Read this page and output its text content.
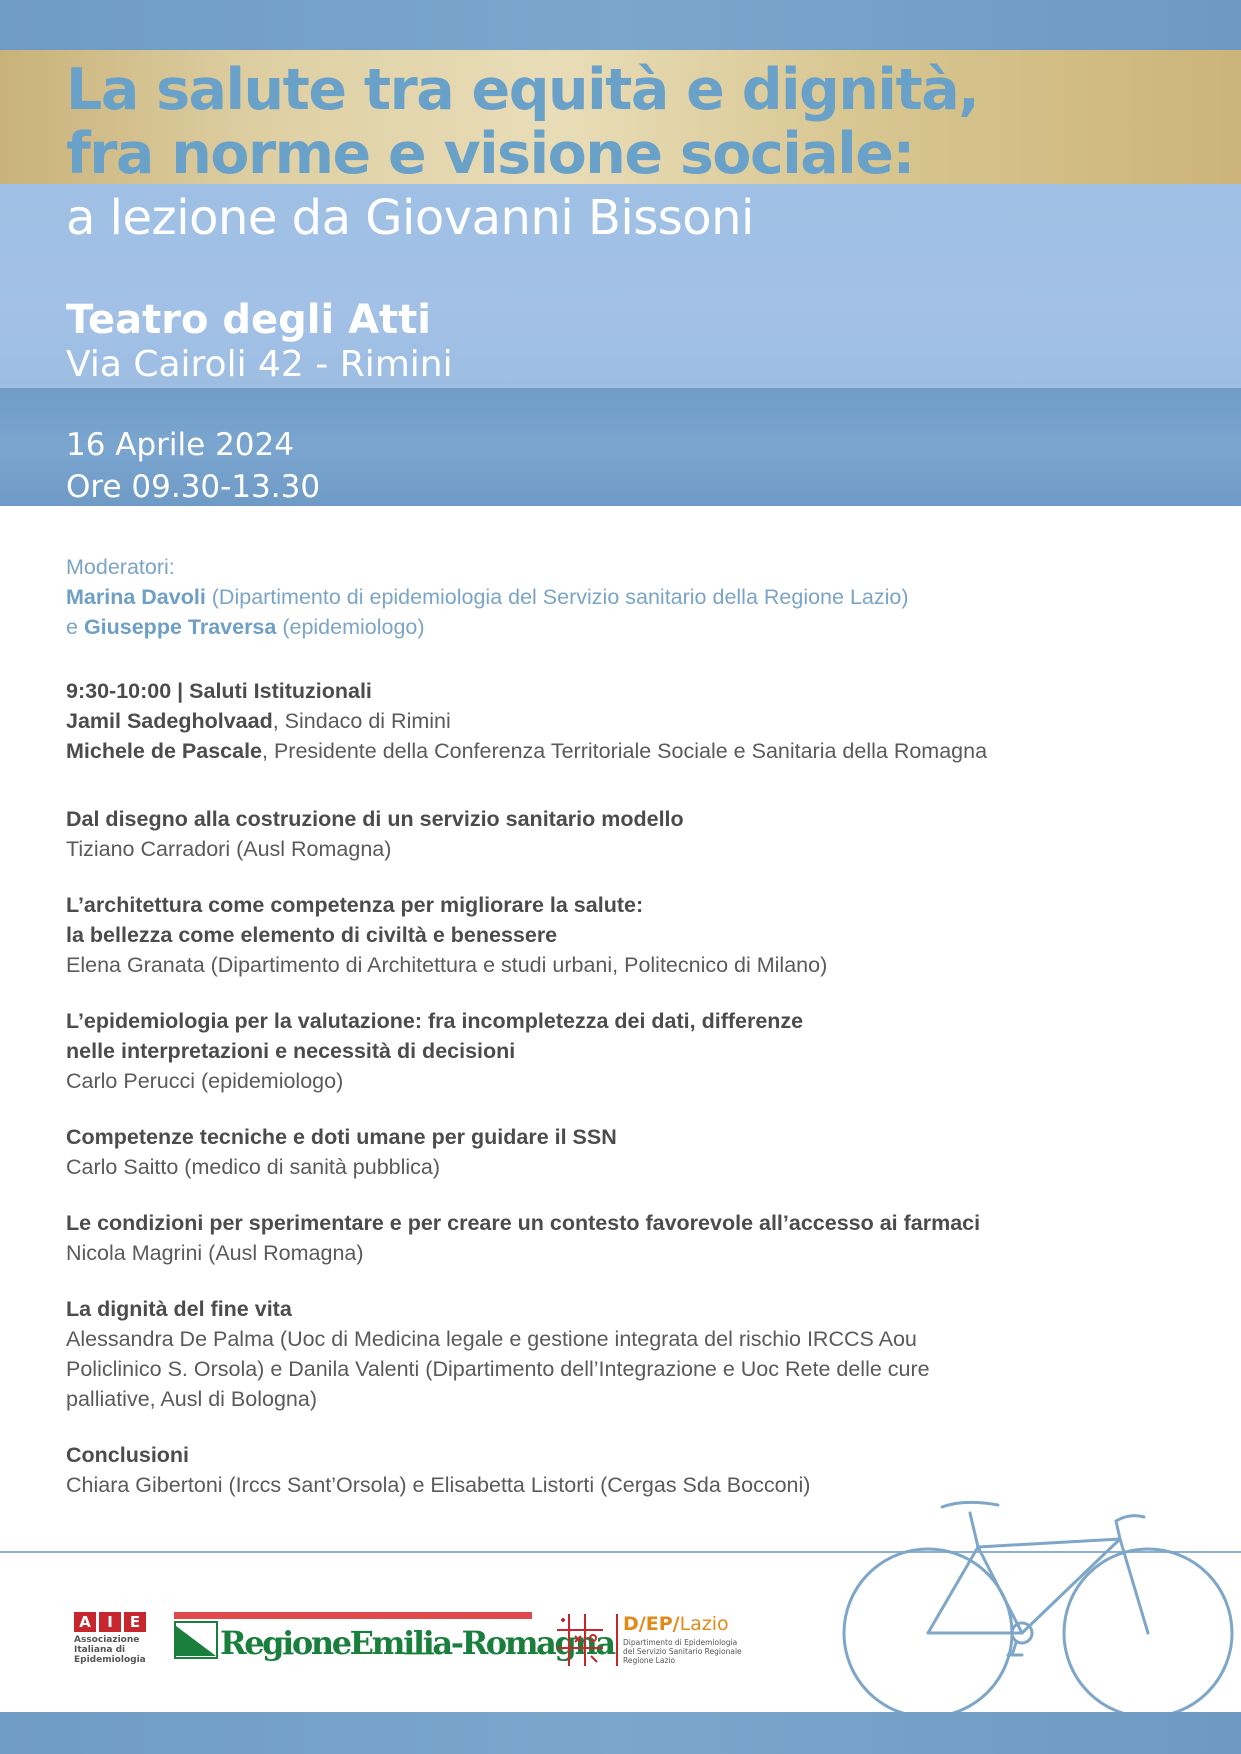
La salute tra equità e dignità,
fra norme e visione sociale:
a lezione da Giovanni Bissoni
Teatro degli Atti
Via Cairoli 42 - Rimini
16 Aprile 2024
Ore 09.30-13.30
Moderatori:
Marina Davoli (Dipartimento di epidemiologia del Servizio sanitario della Regione Lazio)
e Giuseppe Traversa (epidemiologo)
9:30-10:00 | Saluti Istituzionali
Jamil Sadegholvaad, Sindaco di Rimini
Michele de Pascale, Presidente della Conferenza Territoriale Sociale e Sanitaria della Romagna
Dal disegno alla costruzione di un servizio sanitario modello
Tiziano Carradori (Ausl Romagna)
L’architettura come competenza per migliorare la salute:
la bellezza come elemento di civiltà e benessere
Elena Granata (Dipartimento di Architettura e studi urbani, Politecnico di Milano)
L’epidemiologia per la valutazione: fra incompletezza dei dati, differenze
nelle interpretazioni e necessità di decisioni
Carlo Perucci (epidemiologo)
Competenze tecniche e doti umane per guidare il SSN
Carlo Saitto (medico di sanità pubblica)
Le condizioni per sperimentare e per creare un contesto favorevole all’accesso ai farmaci
Nicola Magrini (Ausl Romagna)
La dignità del fine vita
Alessandra De Palma (Uoc di Medicina legale e gestione integrata del rischio IRCCS Aou
Policlinico S. Orsola) e Danila Valenti (Dipartimento dell’Integrazione e Uoc Rete delle cure
palliative, Ausl di Bologna)
Conclusioni
Chiara Gibertoni (Irccs Sant’Orsola) e Elisabetta Listorti (Cergas Sda Bocconi)
A	I	E
Associazione
Italiana di
Epidemiologia RegioneEmilia-Romagna D/EP/Lazio
Dipartimento di Epidemiologia
del Servizio Sanitario Regionale
Regione Lazio
